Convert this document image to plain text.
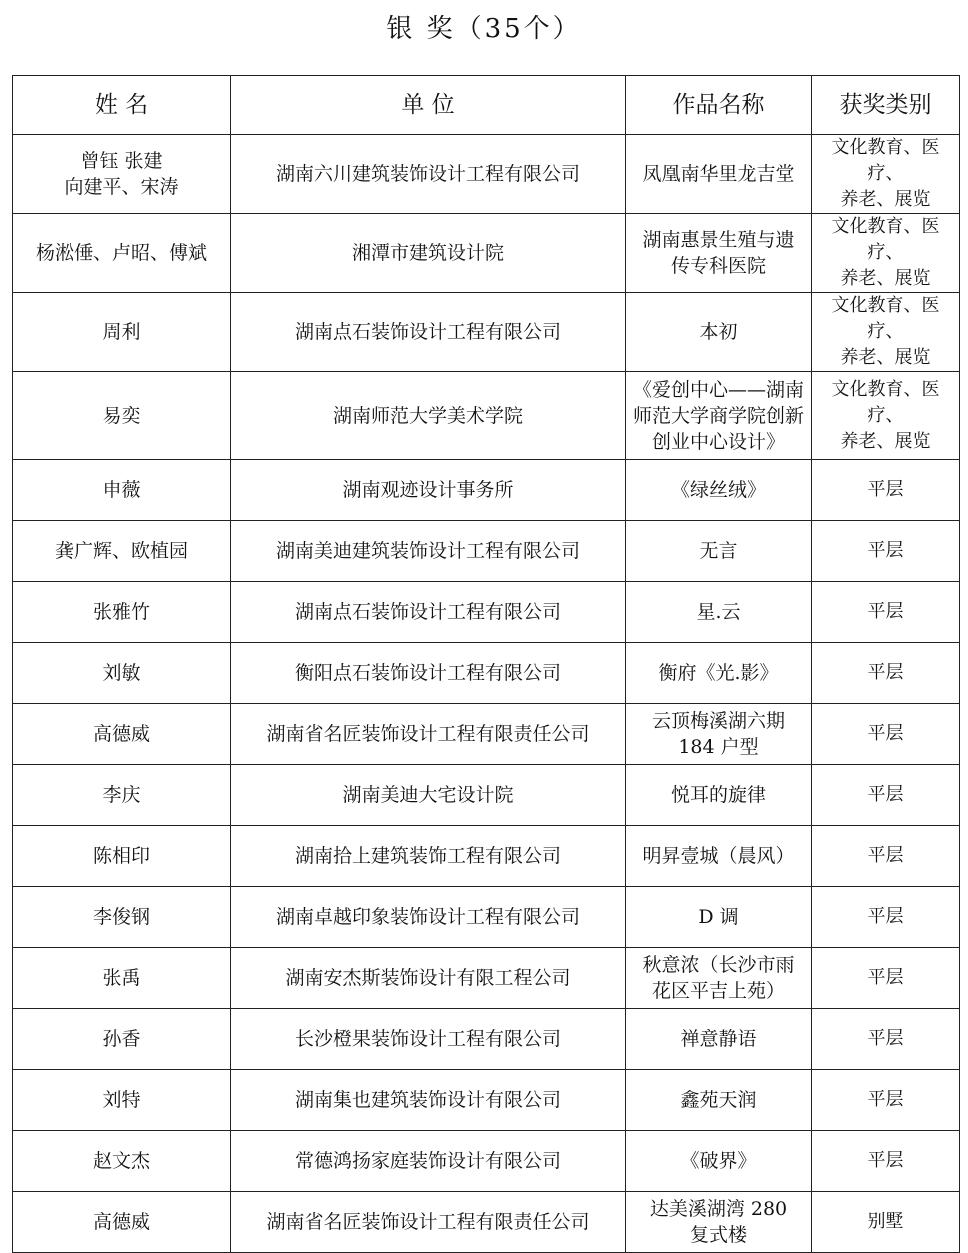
银 奖（35个）
姓 名	单 位	作品名称	获奖类别

曾钰 张建
向建平、宋涛	湖南六川建筑装饰设计工程有限公司	凤凰南华里龙吉堂	文化教育、医疗、
养老、展览

杨淞倕、卢昭、傅斌	湘潭市建筑设计院	湖南惠景生殖与遗
传专科医院	文化教育、医疗、
养老、展览

周利	湖南点石装饰设计工程有限公司	本初	文化教育、医疗、
养老、展览

易奕	湖南师范大学美术学院	《爱创中心——湖南
师范大学商学院创新
创业中心设计》	文化教育、医疗、
养老、展览

申薇	湖南观迹设计事务所	《绿丝绒》	平层

龚广辉、欧植园	湖南美迪建筑装饰设计工程有限公司	无言	平层

张雅竹	湖南点石装饰设计工程有限公司	星.云	平层

刘敏	衡阳点石装饰设计工程有限公司	衡府《光.影》	平层

高德威	湖南省名匠装饰设计工程有限责任公司	云顶梅溪湖六期
184 户型	平层

李庆	湖南美迪大宅设计院	悦耳的旋律	平层

陈相印	湖南拾上建筑装饰工程有限公司	明昇壹城（晨风）	平层

李俊钢	湖南卓越印象装饰设计工程有限公司	D 调	平层

张禹	湖南安杰斯装饰设计有限工程公司	秋意浓（长沙市雨
花区平吉上苑）	平层

孙香	长沙橙果装饰设计工程有限公司	禅意静语	平层

刘特	湖南集也建筑装饰设计有限公司	鑫苑天润	平层

赵文杰	常德鸿扬家庭装饰设计有限公司	《破界》	平层

高德威	湖南省名匠装饰设计工程有限责任公司	达美溪湖湾 280
复式楼	别墅
